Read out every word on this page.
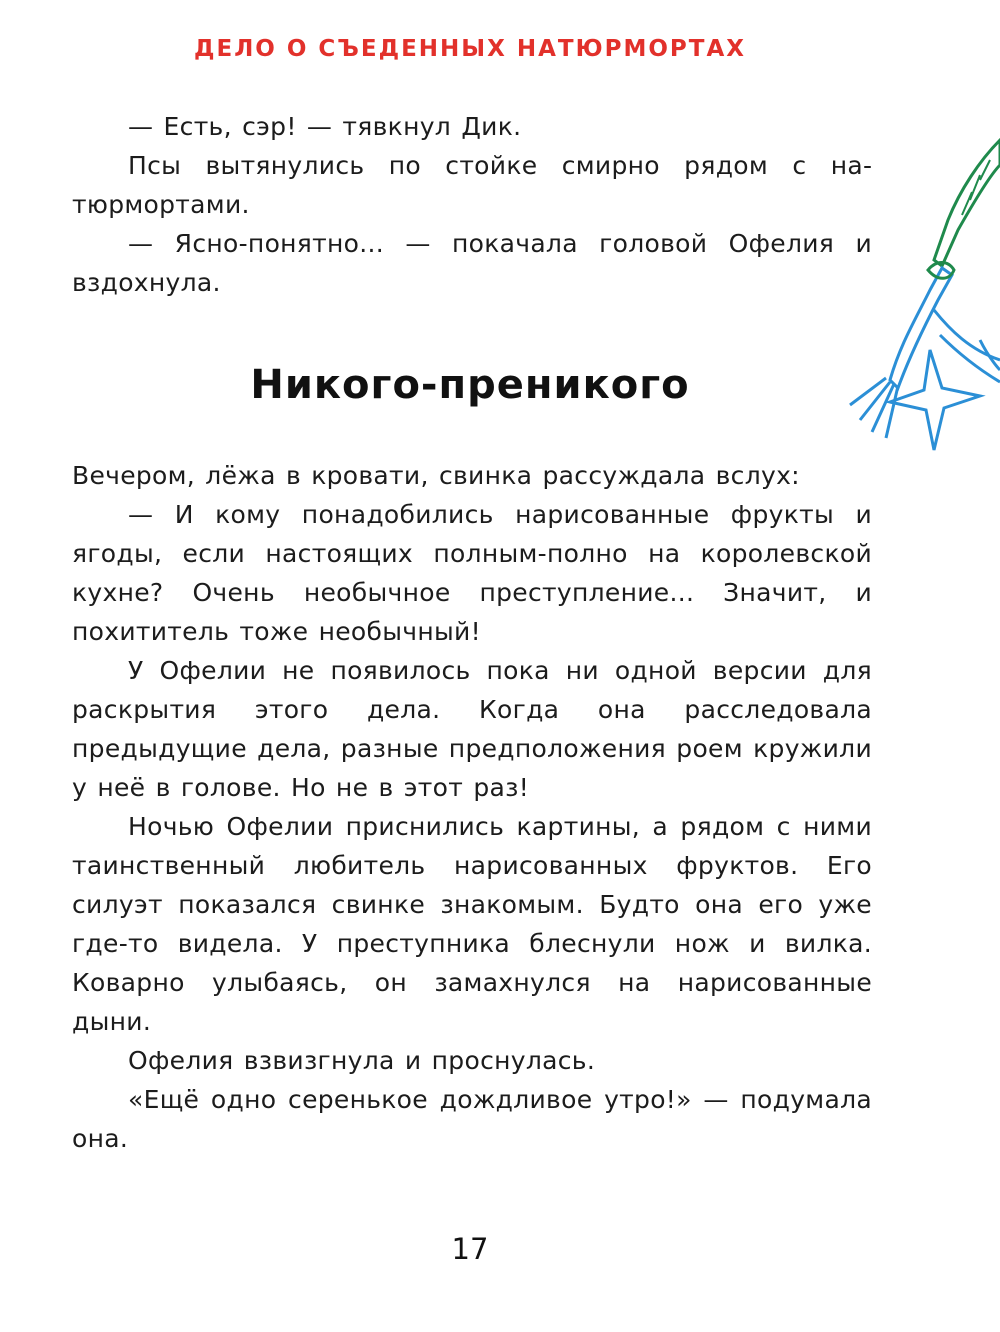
ДЕЛО О СЪЕДЕННЫХ НАТЮРМОРТАХ

— Есть, сэр! — тявкнул Дик.

Псы вытянулись по стойке смирно рядом с натюрмортами.

— Ясно-понятно... — покачала головой Офелия и вздохнула.

Никого-преникого

Вечером, лёжа в кровати, свинка рассуждала вслух:

— И кому понадобились нарисованные фрукты и ягоды, если настоящих полным-полно на королевской кухне? Очень необычное преступление... Значит, и похититель тоже необычный!

У Офелии не появилось пока ни одной версии для раскрытия этого дела. Когда она расследовала предыдущие дела, разные предположения роем кружили у неё в голове. Но не в этот раз!

Ночью Офелии приснились картины, а рядом с ними таинственный любитель нарисованных фруктов. Его силуэт показался свинке знакомым. Будто она его уже где-то видела. У преступника блеснули нож и вилка. Коварно улыбаясь, он замахнулся на нарисованные дыни.

Офелия взвизгнула и проснулась.

«Ещё одно серенькое дождливое утро!» — подумала она.

17
